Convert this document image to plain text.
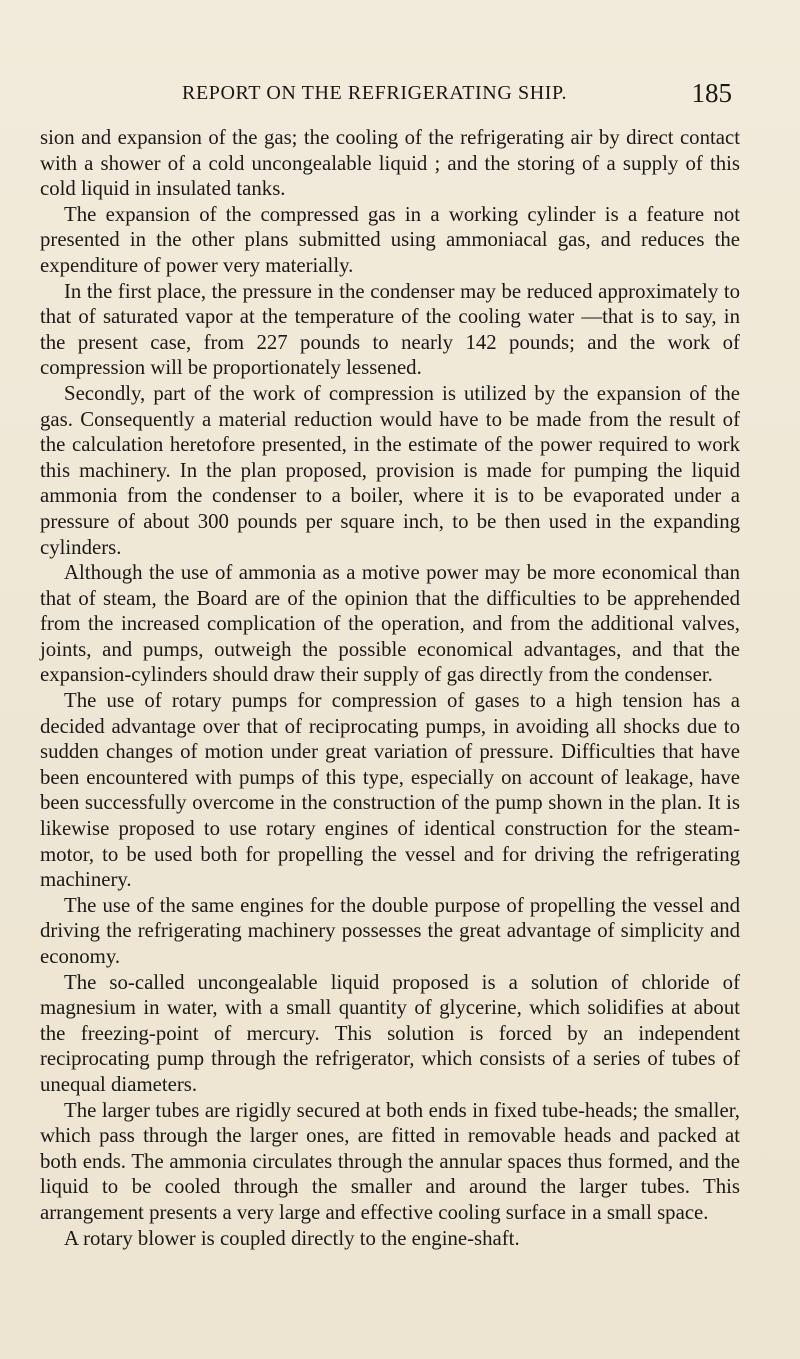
REPORT ON THE REFRIGERATING SHIP.	185

sion and expansion of the gas; the cooling of the refrigerating air by direct contact with a shower of a cold uncongealable liquid ; and the storing of a supply of this cold liquid in insulated tanks.

The expansion of the compressed gas in a working cylinder is a feature not presented in the other plans submitted using ammoniacal gas, and reduces the expenditure of power very materially.

In the first place, the pressure in the condenser may be reduced approximately to that of saturated vapor at the temperature of the cooling water —that is to say, in the present case, from 227 pounds to nearly 142 pounds; and the work of compression will be proportionately lessened.

Secondly, part of the work of compression is utilized by the expansion of the gas. Consequently a material reduction would have to be made from the result of the calculation heretofore presented, in the estimate of the power required to work this machinery. In the plan proposed, provision is made for pumping the liquid ammonia from the condenser to a boiler, where it is to be evaporated under a pressure of about 300 pounds per square inch, to be then used in the expanding cylinders.

Although the use of ammonia as a motive power may be more economical than that of steam, the Board are of the opinion that the difficulties to be apprehended from the increased complication of the operation, and from the additional valves, joints, and pumps, outweigh the possible economical advantages, and that the expansion-cylinders should draw their supply of gas directly from the condenser.

The use of rotary pumps for compression of gases to a high tension has a decided advantage over that of reciprocating pumps, in avoiding all shocks due to sudden changes of motion under great variation of pressure. Difficulties that have been encountered with pumps of this type, especially on account of leakage, have been successfully overcome in the construction of the pump shown in the plan. It is likewise proposed to use rotary engines of identical construction for the steam-motor, to be used both for propelling the vessel and for driving the refrigerating machinery.

The use of the same engines for the double purpose of propelling the vessel and driving the refrigerating machinery possesses the great advantage of simplicity and economy.

The so-called uncongealable liquid proposed is a solution of chloride of magnesium in water, with a small quantity of glycerine, which solidifies at about the freezing-point of mercury. This solution is forced by an independent reciprocating pump through the refrigerator, which consists of a series of tubes of unequal diameters.

The larger tubes are rigidly secured at both ends in fixed tube-heads; the smaller, which pass through the larger ones, are fitted in removable heads and packed at both ends. The ammonia circulates through the annular spaces thus formed, and the liquid to be cooled through the smaller and around the larger tubes. This arrangement presents a very large and effective cooling surface in a small space.

A rotary blower is coupled directly to the engine-shaft.
